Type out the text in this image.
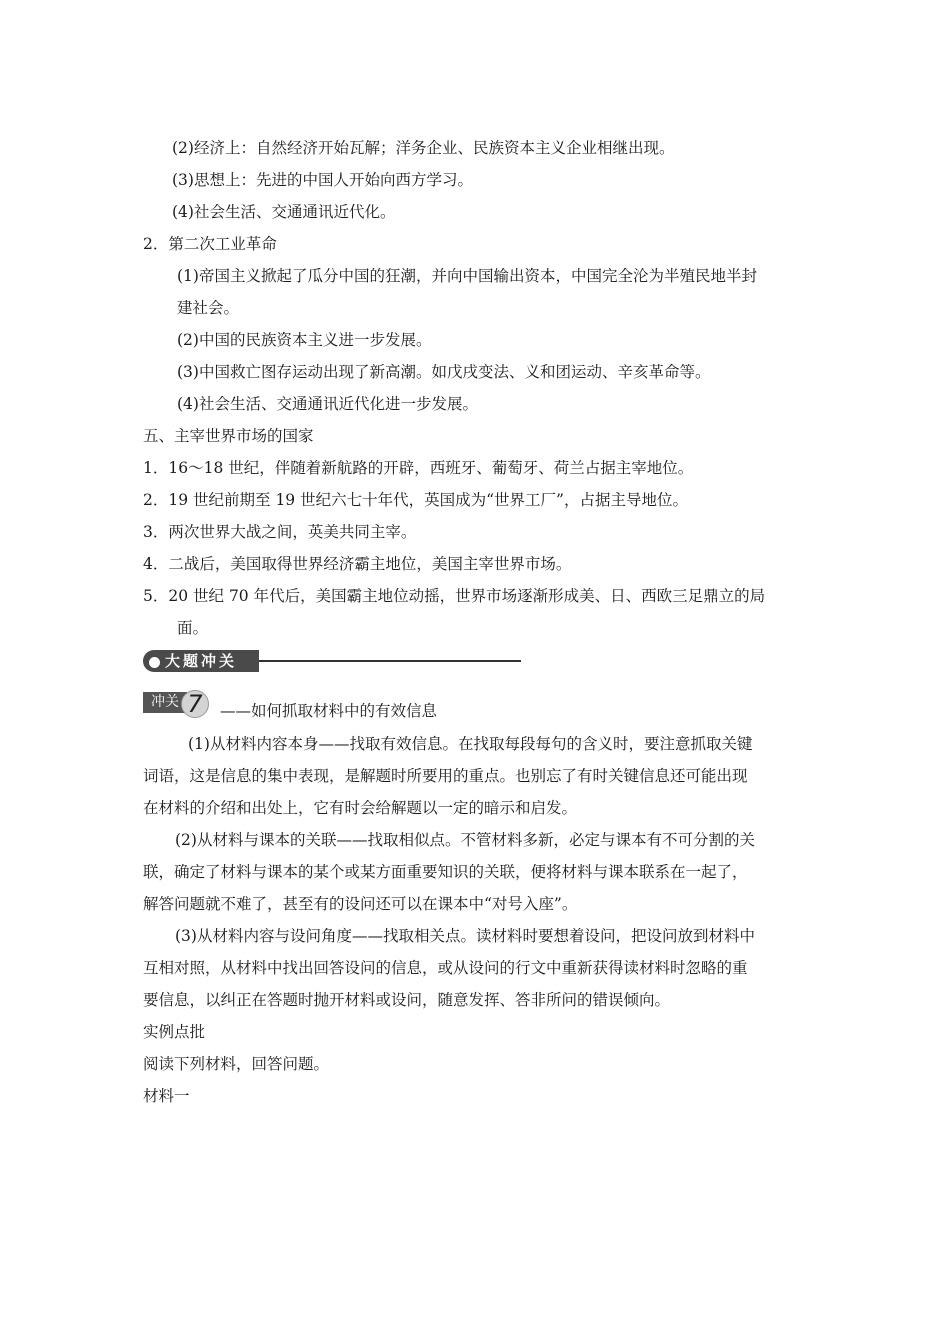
(2)经济上：自然经济开始瓦解；洋务企业、民族资本主义企业相继出现。
(3)思想上：先进的中国人开始向西方学习。
(4)社会生活、交通通讯近代化。
2．第二次工业革命
(1)帝国主义掀起了瓜分中国的狂潮，并向中国输出资本，中国完全沦为半殖民地半封
建社会。
(2)中国的民族资本主义进一步发展。
(3)中国救亡图存运动出现了新高潮。如戊戌变法、义和团运动、辛亥革命等。
(4)社会生活、交通通讯近代化进一步发展。
五、主宰世界市场的国家
1．16～18 世纪，伴随着新航路的开辟，西班牙、葡萄牙、荷兰占据主宰地位。
2．19 世纪前期至 19 世纪六七十年代，英国成为“世界工厂”，占据主导地位。
3．两次世界大战之间，英美共同主宰。
4．二战后，美国取得世界经济霸主地位，美国主宰世界市场。
5．20 世纪 70 年代后，美国霸主地位动摇，世界市场逐渐形成美、日、西欧三足鼎立的局
面。
大题冲关
冲关 7	——如何抓取材料中的有效信息
(1)从材料内容本身——找取有效信息。在找取每段每句的含义时，要注意抓取关键
词语，这是信息的集中表现，是解题时所要用的重点。也别忘了有时关键信息还可能出现
在材料的介绍和出处上，它有时会给解题以一定的暗示和启发。
(2)从材料与课本的关联——找取相似点。不管材料多新，必定与课本有不可分割的关
联，确定了材料与课本的某个或某方面重要知识的关联，便将材料与课本联系在一起了，
解答问题就不难了，甚至有的设问还可以在课本中“对号入座”。
(3)从材料内容与设问角度——找取相关点。读材料时要想着设问，把设问放到材料中
互相对照，从材料中找出回答设问的信息，或从设问的行文中重新获得读材料时忽略的重
要信息，以纠正在答题时抛开材料或设问，随意发挥、答非所问的错误倾向。
实例点批
阅读下列材料，回答问题。
材料一
